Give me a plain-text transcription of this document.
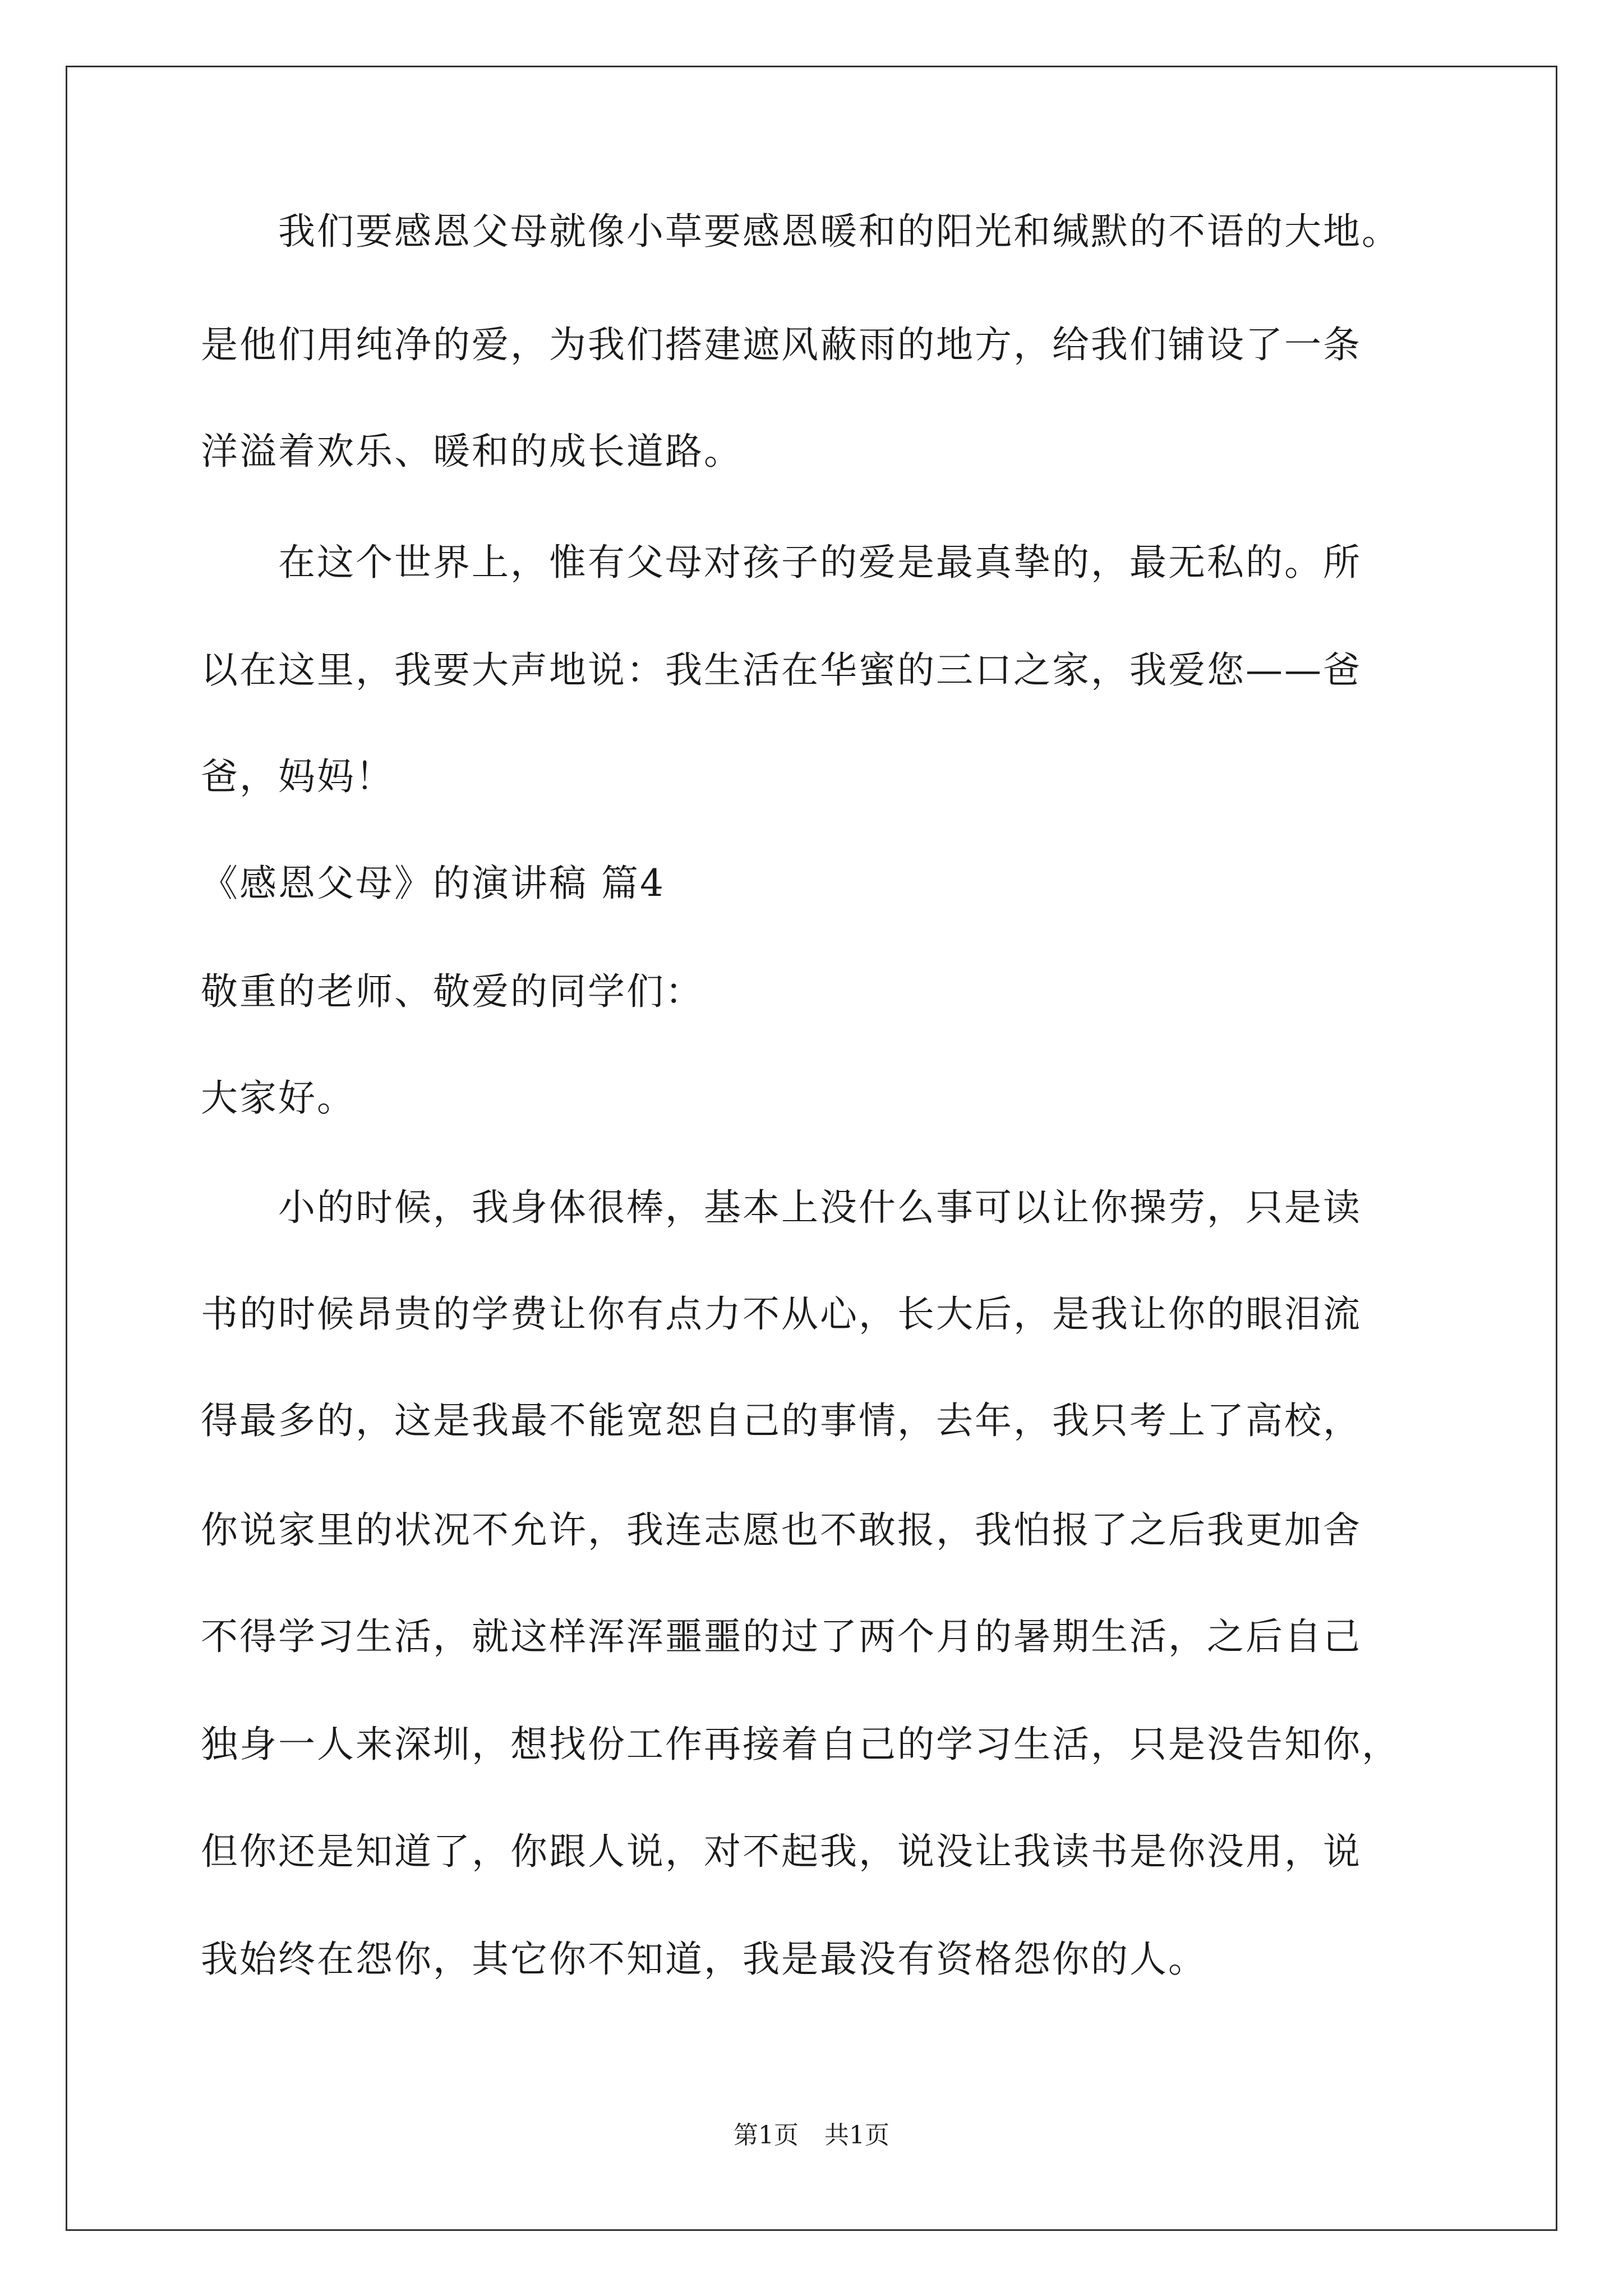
　　我们要感恩父母就像小草要感恩暖和的阳光和缄默的不语的大地。

是他们用纯净的爱，为我们搭建遮风蔽雨的地方，给我们铺设了一条

洋溢着欢乐、暖和的成长道路。

　　在这个世界上，惟有父母对孩子的爱是最真挚的，最无私的。所

以在这里，我要大声地说：我生活在华蜜的三口之家，我爱您——爸

爸，妈妈！

《感恩父母》的演讲稿 篇4

敬重的老师、敬爱的同学们：

大家好。

　　小的时候，我身体很棒，基本上没什么事可以让你操劳，只是读

书的时候昂贵的学费让你有点力不从心，长大后，是我让你的眼泪流

得最多的，这是我最不能宽恕自己的事情，去年，我只考上了高校，

你说家里的状况不允许，我连志愿也不敢报，我怕报了之后我更加舍

不得学习生活，就这样浑浑噩噩的过了两个月的暑期生活，之后自己

独身一人来深圳，想找份工作再接着自己的学习生活，只是没告知你，

但你还是知道了，你跟人说，对不起我，说没让我读书是你没用，说

我始终在怨你，其它你不知道，我是最没有资格怨你的人。

第1页 共1页
